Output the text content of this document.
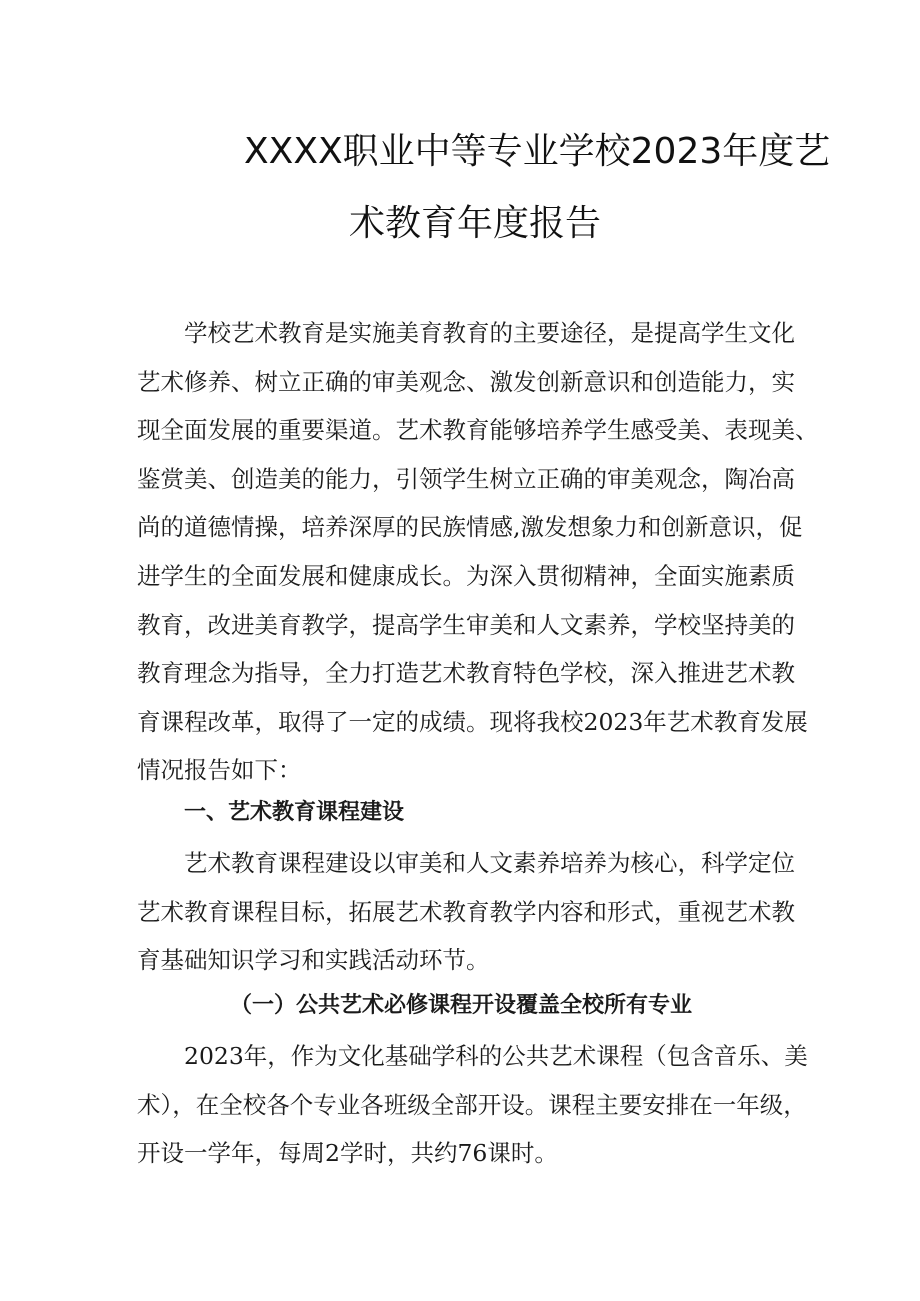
XXXX职业中等专业学校2023年度艺
术教育年度报告
学校艺术教育是实施美育教育的主要途径，是提高学生文化
艺术修养、树立正确的审美观念、激发创新意识和创造能力，实
现全面发展的重要渠道。艺术教育能够培养学生感受美、表现美、
鉴赏美、创造美的能力，引领学生树立正确的审美观念，陶冶高
尚的道德情操，培养深厚的民族情感,激发想象力和创新意识，促
进学生的全面发展和健康成长。为深入贯彻精神，全面实施素质
教育，改进美育教学，提高学生审美和人文素养，学校坚持美的
教育理念为指导，全力打造艺术教育特色学校，深入推进艺术教
育课程改革，取得了一定的成绩。现将我校2023年艺术教育发展
情况报告如下：
一、艺术教育课程建设
艺术教育课程建设以审美和人文素养培养为核心，科学定位
艺术教育课程目标，拓展艺术教育教学内容和形式，重视艺术教
育基础知识学习和实践活动环节。
（一）公共艺术必修课程开设覆盖全校所有专业
2023年，作为文化基础学科的公共艺术课程（包含音乐、美
术），在全校各个专业各班级全部开设。课程主要安排在一年级，
开设一学年，每周2学时，共约76课时。
